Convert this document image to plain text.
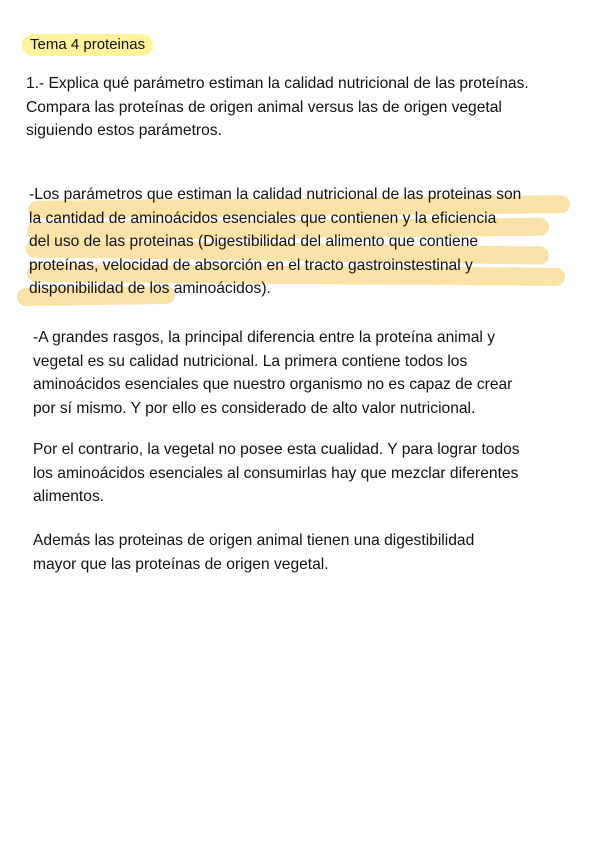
Tema 4 proteinas
1.- Explica qué parámetro estiman la calidad nutricional de las proteínas.
Compara las proteínas de origen animal versus las de origen vegetal
siguiendo estos parámetros.
-Los parámetros que estiman la calidad nutricional de las proteinas son
la cantidad de aminoácidos esenciales que contienen y la eficiencia
del uso de las proteinas (Digestibilidad del alimento que contiene
proteínas, velocidad de absorción en el tracto gastroinstestinal y
disponibilidad de los aminoácidos).
-A grandes rasgos, la principal diferencia entre la proteína animal y
vegetal es su calidad nutricional. La primera contiene todos los
aminoácidos esenciales que nuestro organismo no es capaz de crear
por sí mismo. Y por ello es considerado de alto valor nutricional.
Por el contrario, la vegetal no posee esta cualidad. Y para lograr todos
los aminoácidos esenciales al consumirlas hay que mezclar diferentes
alimentos.
Además las proteinas de origen animal tienen una digestibilidad
mayor que las proteínas de origen vegetal.
